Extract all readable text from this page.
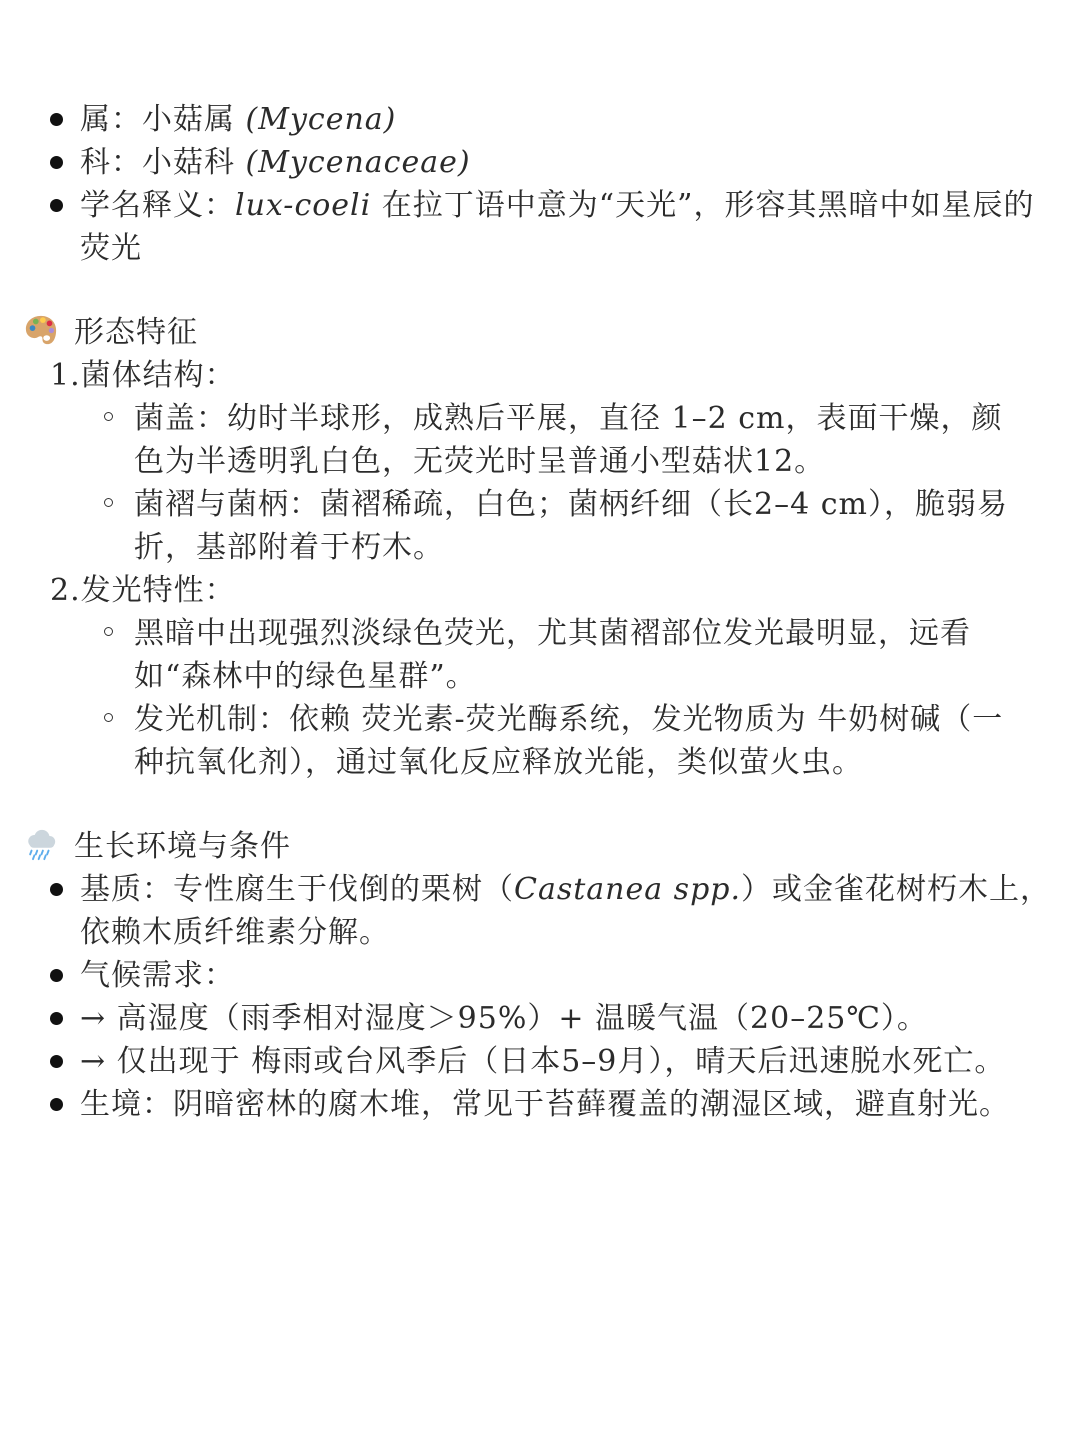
属：小菇属 (Mycena)
科：小菇科 (Mycenaceae)
学名释义：lux-coeli 在拉丁语中意为“天光”，形容其黑暗中如星辰的荧光
形态特征
1.菌体结构：
菌盖：幼时半球形，成熟后平展，直径 1–2 cm，表面干燥，颜色为半透明乳白色，无荧光时呈普通小型菇状12。
菌褶与菌柄：菌褶稀疏，白色；菌柄纤细（长2–4 cm），脆弱易折，基部附着于朽木。
2.发光特性：
黑暗中出现强烈淡绿色荧光，尤其菌褶部位发光最明显，远看如“森林中的绿色星群”。
发光机制：依赖 荧光素-荧光酶系统，发光物质为 牛奶树碱（一种抗氧化剂），通过氧化反应释放光能，类似萤火虫。
生长环境与条件
基质：专性腐生于伐倒的栗树（Castanea spp.）或金雀花树朽木上，依赖木质纤维素分解。
气候需求：
→ 高湿度（雨季相对湿度＞95%）+ 温暖气温（20–25℃）。
→ 仅出现于 梅雨或台风季后（日本5–9月），晴天后迅速脱水死亡。
生境：阴暗密林的腐木堆，常见于苔藓覆盖的潮湿区域，避直射光。
